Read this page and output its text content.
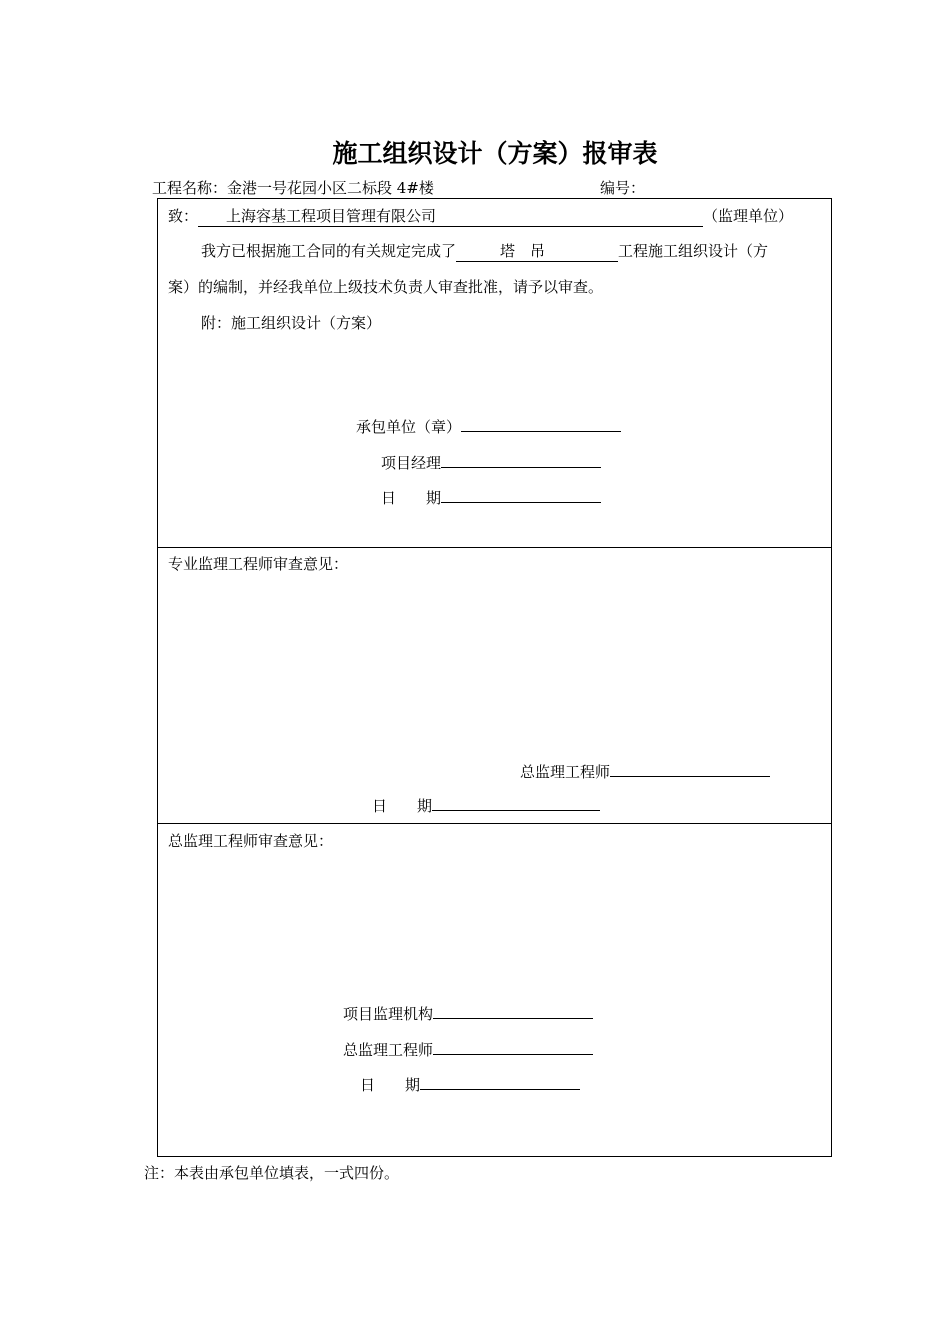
施工组织设计（方案）报审表
工程名称：金港一号花园小区二标段 4#楼	编号：
致： 上海容基工程项目管理有限公司	（监理单位）
我方已根据施工合同的有关规定完成了	塔　吊	工程施工组织设计（方
案）的编制，并经我单位上级技术负责人审查批准，请予以审查。
附：施工组织设计（方案）
承包单位（章）
项目经理
日　　期
专业监理工程师审查意见：
总监理工程师
日　　期
总监理工程师审查意见：
项目监理机构
总监理工程师
日　　期
注：本表由承包单位填表，一式四份。
